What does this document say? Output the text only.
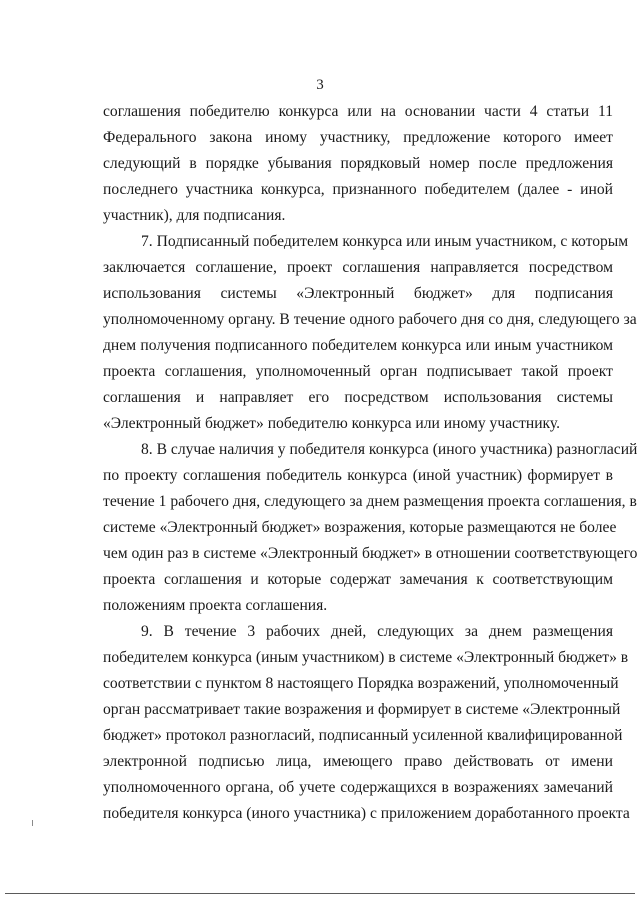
3
соглашения победителю конкурса или на основании части 4 статьи 11
Федерального закона иному участнику, предложение которого имеет
следующий в порядке убывания порядковый номер после предложения
последнего участника конкурса, признанного победителем (далее - иной
участник), для подписания.
7. Подписанный победителем конкурса или иным участником, с которым
заключается соглашение, проект соглашения направляется посредством
использования системы «Электронный бюджет» для подписания
уполномоченному органу. В течение одного рабочего дня со дня, следующего за
днем получения подписанного победителем конкурса или иным участником
проекта соглашения, уполномоченный орган подписывает такой проект
соглашения и направляет его посредством использования системы
«Электронный бюджет» победителю конкурса или иному участнику.
8. В случае наличия у победителя конкурса (иного участника) разногласий
по проекту соглашения победитель конкурса (иной участник) формирует в
течение 1 рабочего дня, следующего за днем размещения проекта соглашения, в
системе «Электронный бюджет» возражения, которые размещаются не более
чем один раз в системе «Электронный бюджет» в отношении соответствующего
проекта соглашения и которые содержат замечания к соответствующим
положениям проекта соглашения.
9. В течение 3 рабочих дней, следующих за днем размещения
победителем конкурса (иным участником) в системе «Электронный бюджет» в
соответствии с пунктом 8 настоящего Порядка возражений, уполномоченный
орган рассматривает такие возражения и формирует в системе «Электронный
бюджет» протокол разногласий, подписанный усиленной квалифицированной
электронной подписью лица, имеющего право действовать от имени
уполномоченного органа, об учете содержащихся в возражениях замечаний
победителя конкурса (иного участника) с приложением доработанного проекта
